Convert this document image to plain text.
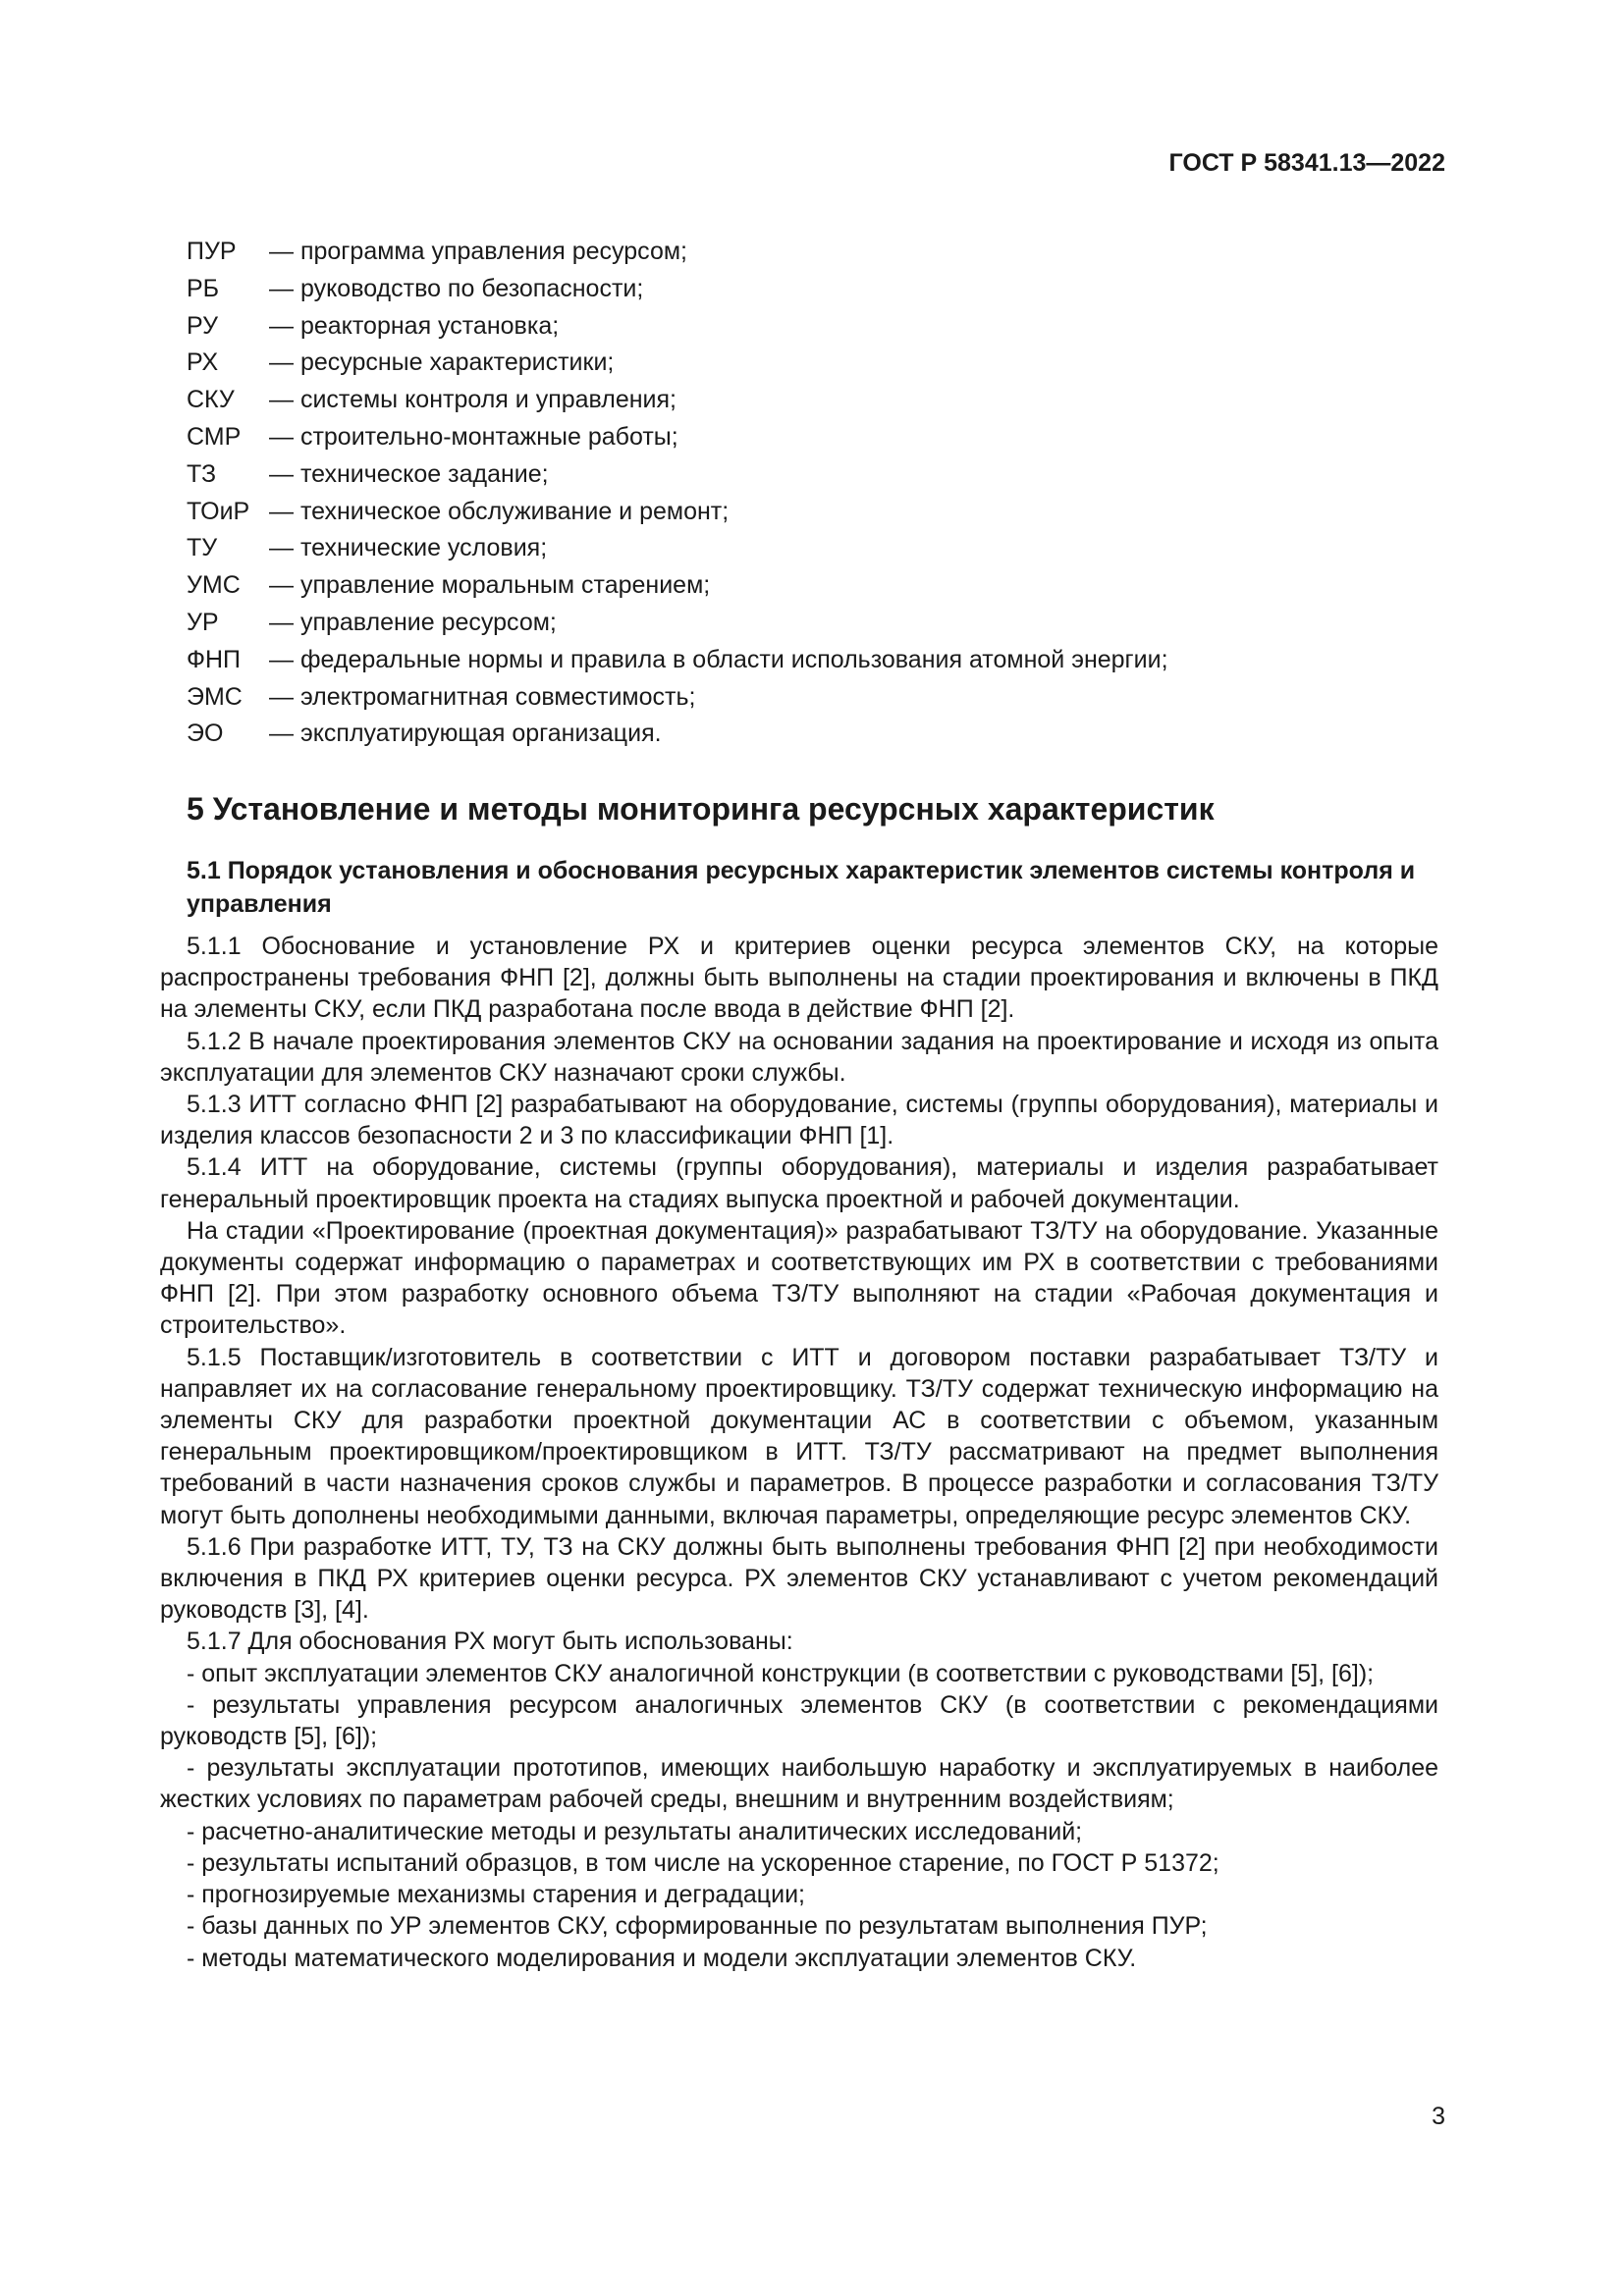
ГОСТ Р 58341.13—2022
ПУР	— программа управления ресурсом;
РБ	— руководство по безопасности;
РУ	— реакторная установка;
РХ	— ресурсные характеристики;
СКУ	— системы контроля и управления;
СМР	— строительно-монтажные работы;
ТЗ	— техническое задание;
ТОиР — техническое обслуживание и ремонт;
ТУ	— технические условия;
УМС	— управление моральным старением;
УР	— управление ресурсом;
ФНП	— федеральные нормы и правила в области использования атомной энергии;
ЭМС	— электромагнитная совместимость;
ЭО	— эксплуатирующая организация.
5 Установление и методы мониторинга ресурсных характеристик
5.1 Порядок установления и обоснования ресурсных характеристик элементов системы контроля и управления

5.1.1 Обоснование и установление РХ и критериев оценки ресурса элементов СКУ, на которые распространены требования ФНП [2], должны быть выполнены на стадии проектирования и включены в ПКД на элементы СКУ, если ПКД разработана после ввода в действие ФНП [2].

5.1.2 В начале проектирования элементов СКУ на основании задания на проектирование и исходя из опыта эксплуатации для элементов СКУ назначают сроки службы.

5.1.3 ИТТ согласно ФНП [2] разрабатывают на оборудование, системы (группы оборудования), материалы и изделия классов безопасности 2 и 3 по классификации ФНП [1].

5.1.4 ИТТ на оборудование, системы (группы оборудования), материалы и изделия разрабатывает генеральный проектировщик проекта на стадиях выпуска проектной и рабочей документации.

На стадии «Проектирование (проектная документация)» разрабатывают ТЗ/ТУ на оборудование. Указанные документы содержат информацию о параметрах и соответствующих им РХ в соответствии с требованиями ФНП [2]. При этом разработку основного объема ТЗ/ТУ выполняют на стадии «Рабочая документация и строительство».

5.1.5 Поставщик/изготовитель в соответствии с ИТТ и договором поставки разрабатывает ТЗ/ТУ и направляет их на согласование генеральному проектировщику. ТЗ/ТУ содержат техническую информацию на элементы СКУ для разработки проектной документации АС в соответствии с объемом, указанным генеральным проектировщиком/проектировщиком в ИТТ. ТЗ/ТУ рассматривают на предмет выполнения требований в части назначения сроков службы и параметров. В процессе разработки и согласования ТЗ/ТУ могут быть дополнены необходимыми данными, включая параметры, определяющие ресурс элементов СКУ.

5.1.6 При разработке ИТТ, ТУ, ТЗ на СКУ должны быть выполнены требования ФНП [2] при необходимости включения в ПКД РХ критериев оценки ресурса. РХ элементов СКУ устанавливают с учетом рекомендаций руководств [3], [4].

5.1.7 Для обоснования РХ могут быть использованы:

- опыт эксплуатации элементов СКУ аналогичной конструкции (в соответствии с руководствами [5], [6]);

- результаты управления ресурсом аналогичных элементов СКУ (в соответствии с рекомендациями руководств [5], [6]);

- результаты эксплуатации прототипов, имеющих наибольшую наработку и эксплуатируемых в наиболее жестких условиях по параметрам рабочей среды, внешним и внутренним воздействиям;

- расчетно-аналитические методы и результаты аналитических исследований;

- результаты испытаний образцов, в том числе на ускоренное старение, по ГОСТ Р 51372;

- прогнозируемые механизмы старения и деградации;

- базы данных по УР элементов СКУ, сформированные по результатам выполнения ПУР;

- методы математического моделирования и модели эксплуатации элементов СКУ.

3
